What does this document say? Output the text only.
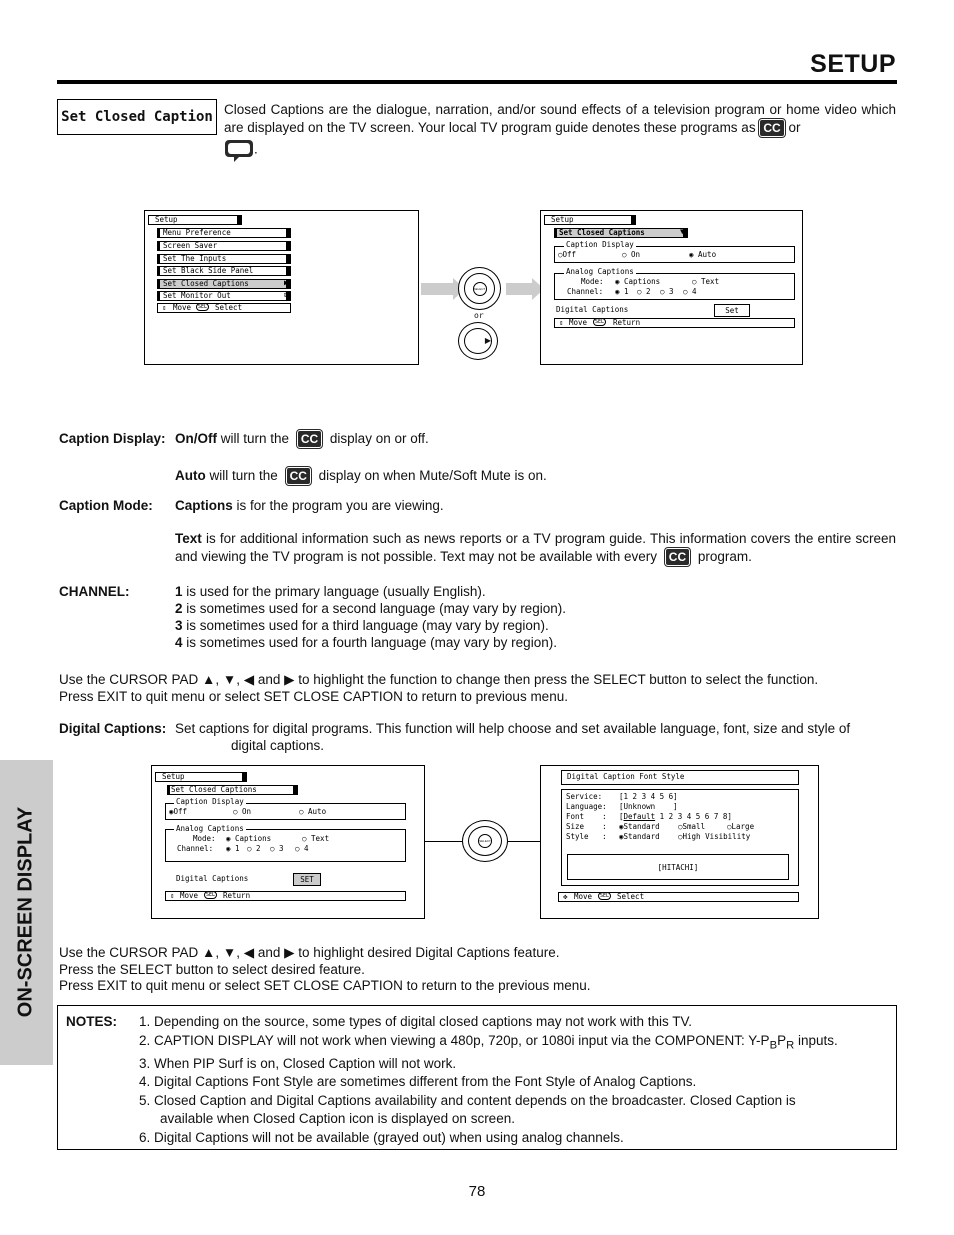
SETUP
ON-SCREEN DISPLAY
Set Closed Caption Closed Captions are the dialogue, narration, and/or sound effects of a television program or home video which are displayed on the TV screen. Your local TV program guide denotes these programs as CC or
.
Setup
Menu Preference
Screen Saver
Set The Inputs
Set Black Side Panel
Set Closed Captions	▶
Set Monitor Out	⇕
⇕ Move	SEL Select
SELECT
or
▶
Setup
Set Closed Captions	▼
Caption Display
○Off	○ On	◉ Auto
Analog Captions
Mode: ◉ Captions	○ Text
Channel: ◉ 1 ○ 2 ○ 3 ○ 4
Digital Captions	Set
⇕ Move	SEL Return
Caption Display: On/Off will turn the CC display on or off.
Auto will turn the CC display on when Mute/Soft Mute is on.
Caption Mode: Captions is for the program you are viewing.
Text is for additional information such as news reports or a TV program guide. This information covers the entire screen and viewing the TV program is not possible. Text may not be available with every CC program.
CHANNEL:	1 is used for the primary language (usually English).
2 is sometimes used for a second language (may vary by region).
3 is sometimes used for a third language (may vary by region).
4 is sometimes used for a fourth language (may vary by region).
Use the CURSOR PAD ▲, ▼, ◀ and ▶ to highlight the function to change then press the SELECT button to select the function.
Press EXIT to quit menu or select SET CLOSE CAPTION to return to previous menu.
Digital Captions: Set captions for digital programs. This function will help choose and set available language, font, size and style of
digital captions.
Setup
Set Closed Captions
Caption Display
◉Off	○ On	○ Auto
Analog Captions
Mode: ◉ Captions	○ Text
Channel: ◉ 1 ○ 2 ○ 3 ○ 4
Digital Captions	SET
⇕ Move	SEL Return
SELECT
Digital Caption Font Style
Service: [1 2 3 4 5 6]
Language: [Unknown    ]
Font    : [Default 1 2 3 4 5 6 7 8]
Size    : ◉Standard ○Small	○Large
Style   : ◉Standard ○High Visibility
[HITACHI]
✥ Move	SEL Select
Use the CURSOR PAD ▲, ▼, ◀ and ▶ to highlight desired Digital Captions feature.
Press the SELECT button to select desired feature.
Press EXIT to quit menu or select SET CLOSE CAPTION to return to the previous menu.
NOTES: 1. Depending on the source, some types of digital closed captions may not work with this TV.
2. CAPTION DISPLAY will not work when viewing a 480p, 720p, or 1080i input via the COMPONENT: $Y-P_BP_R$ inputs.
3. When PIP Surf is on, Closed Caption will not work.
4. Digital Captions Font Style are sometimes different from the Font Style of Analog Captions.
5. Closed Caption and Digital Captions availability and content depends on the broadcaster. Closed Caption is
available when Closed Caption icon is displayed on screen.
6. Digital Captions will not be available (grayed out) when using analog channels.
78
